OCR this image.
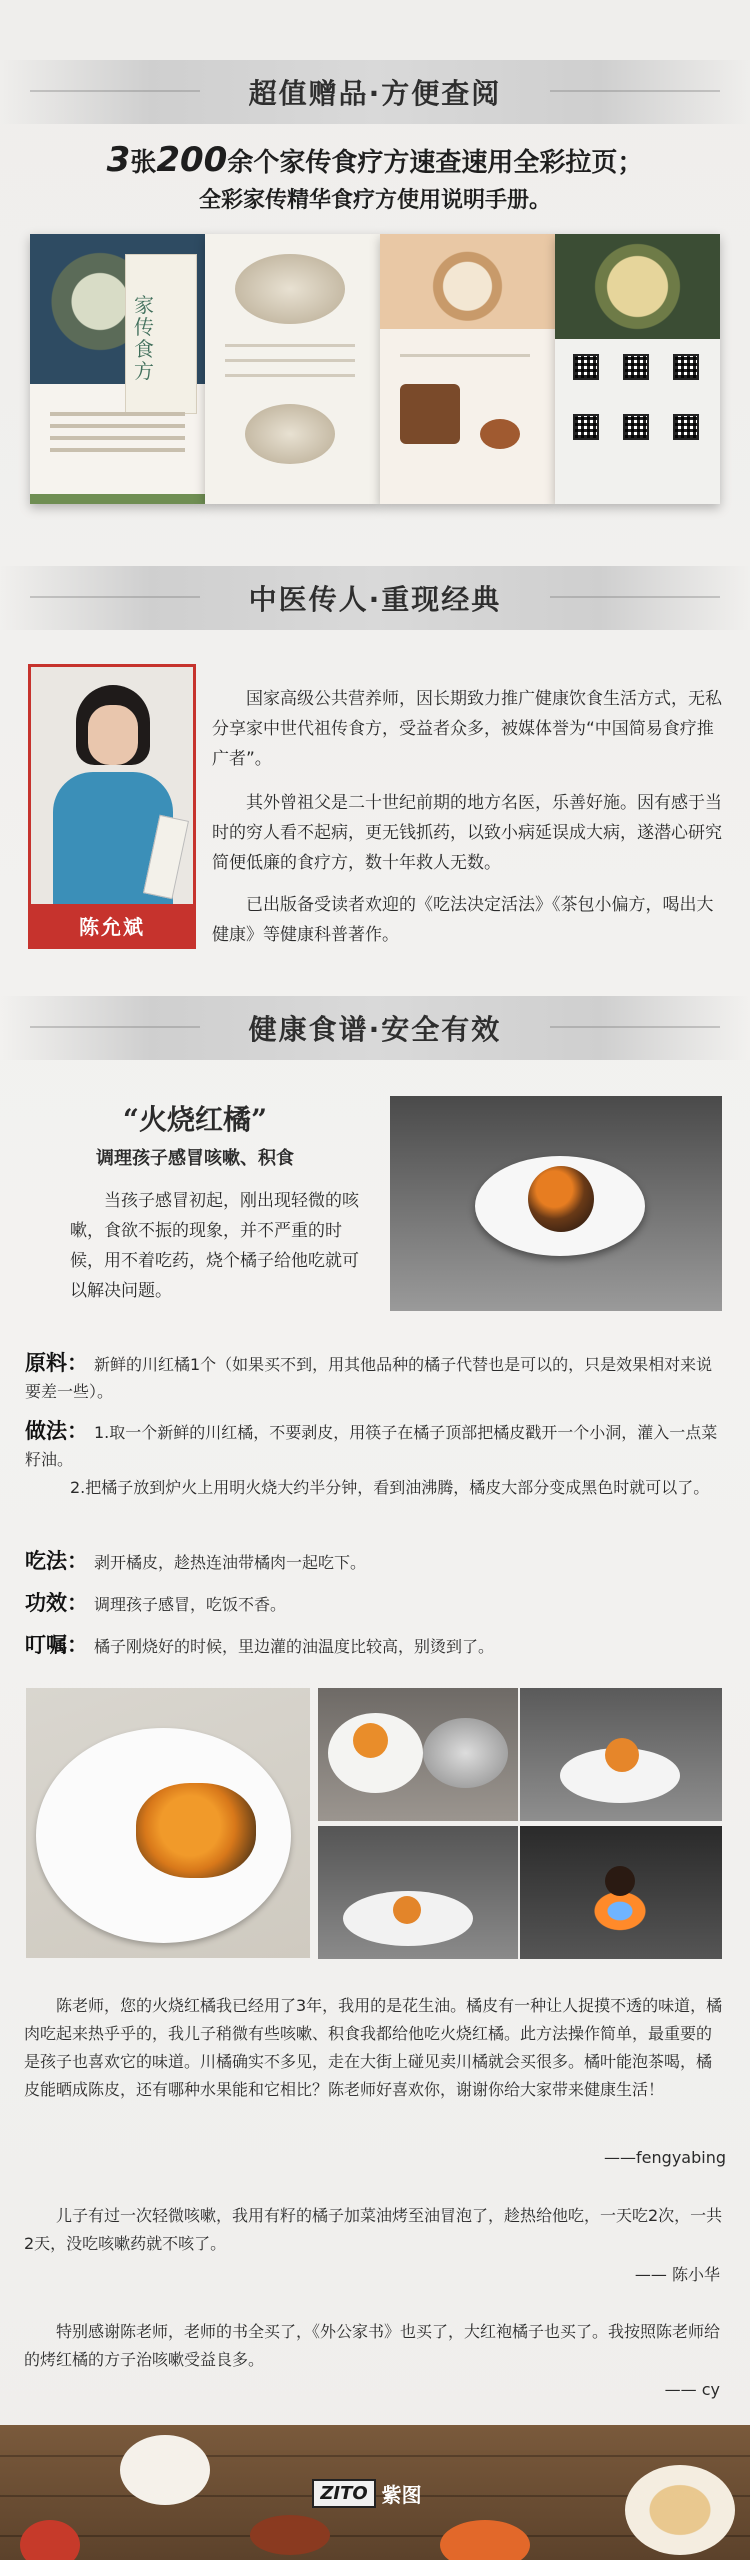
超值赠品·方便查阅
3张200余个家传食疗方速查速用全彩拉页；
全彩家传精华食疗方使用说明手册。
家传食方
中医传人·重现经典
陈允斌
国家高级公共营养师，因长期致力推广健康饮食生活方式，无私分享家中世代祖传食方，受益者众多，被媒体誉为“中国简易食疗推广者”。
其外曾祖父是二十世纪前期的地方名医，乐善好施。因有感于当时的穷人看不起病，更无钱抓药，以致小病延误成大病，遂潜心研究简便低廉的食疗方，数十年救人无数。
已出版备受读者欢迎的《吃法决定活法》《茶包小偏方，喝出大健康》等健康科普著作。
健康食谱·安全有效
“火烧红橘”
调理孩子感冒咳嗽、积食
当孩子感冒初起，刚出现轻微的咳嗽，食欲不振的现象，并不严重的时候，用不着吃药，烧个橘子给他吃就可以解决问题。
原料： 新鲜的川红橘1个（如果买不到，用其他品种的橘子代替也是可以的，只是效果相对来说要差一些）。
做法： 1.取一个新鲜的川红橘，不要剥皮，用筷子在橘子顶部把橘皮戳开一个小洞，灌入一点菜籽油。
2.把橘子放到炉火上用明火烧大约半分钟，看到油沸腾，橘皮大部分变成黑色时就可以了。
吃法： 剥开橘皮，趁热连油带橘肉一起吃下。
功效： 调理孩子感冒，吃饭不香。
叮嘱： 橘子刚烧好的时候，里边灌的油温度比较高，别烫到了。
陈老师，您的火烧红橘我已经用了3年，我用的是花生油。橘皮有一种让人捉摸不透的味道，橘肉吃起来热乎乎的，我儿子稍微有些咳嗽、积食我都给他吃火烧红橘。此方法操作简单，最重要的是孩子也喜欢它的味道。川橘确实不多见，走在大街上碰见卖川橘就会买很多。橘叶能泡茶喝，橘皮能晒成陈皮，还有哪种水果能和它相比？陈老师好喜欢你，谢谢你给大家带来健康生活！
——fengyabing
儿子有过一次轻微咳嗽，我用有籽的橘子加菜油烤至油冒泡了，趁热给他吃，一天吃2次，一共2天，没吃咳嗽药就不咳了。
—— 陈小华
特别感谢陈老师，老师的书全买了，《外公家书》也买了，大红袍橘子也买了。我按照陈老师给的烤红橘的方子治咳嗽受益良多。
—— cy
ZITO 紫图
